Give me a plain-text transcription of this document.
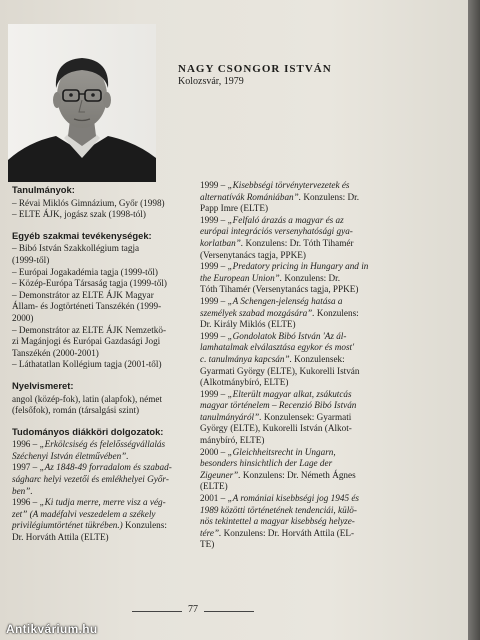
NAGY CSONGOR ISTVÁN
Kolozsvár, 1979
Tanulmányok:
– Révai Miklós Gimnázium, Győr (1998)
– ELTE ÁJK, jogász szak (1998-tól)
Egyéb szakmai tevékenységek:
– Bibó István Szakkollégium tagja
(1999-től)
– Európai Jogakadémia tagja (1999-től)
– Közép-Európa Társaság tagja (1999-től)
– Demonstrátor az ELTE ÁJK Magyar
Állam- és Jogtörténeti Tanszékén (1999-
2000)
– Demonstrátor az ELTE ÁJK Nemzetkö-
zi Magánjogi és Európai Gazdasági Jogi
Tanszékén (2000-2001)
– Láthatatlan Kollégium tagja (2001-től)
Nyelvismeret:
angol (közép-fok), latin (alapfok), német
(felsőfok), román (társalgási szint)
Tudományos diákköri dolgozatok:
1996 – „Erkölcsiség és felelősségvállalás
Széchenyi István életművében”.
1997 – „Az 1848-49 forradalom és szabad-
ságharc helyi vezetői és emlékhelyei Győr-
ben”.
1996 – „Ki tudja merre, merre visz a vég-
zet” (A madéfalvi veszedelem a székely
privilégiumtörténet tükrében.) Konzulens:
Dr. Horváth Attila (ELTE)
1999 – „Kisebbségi törvénytervezetek és
alternatívák Romániában”. Konzulens: Dr.
Papp Imre (ELTE)
1999 – „Felfaló árazás a magyar és az
európai integrációs versenyhatósági gya-
korlatban”. Konzulens: Dr. Tóth Tihamér
(Versenytanács tagja, PPKE)
1999 – „Predatory pricing in Hungary and in
the European Union”. Konzulens: Dr.
Tóth Tihamér (Versenytanács tagja, PPKE)
1999 – „A Schengen-jelenség hatása a
személyek szabad mozgására”. Konzulens:
Dr. Király Miklós (ELTE)
1999 – „Gondolatok Bibó István 'Az ál-
lamhatalmak elválasztása egykor és most'
c. tanulmánya kapcsán”. Konzulensek:
Gyarmati György (ELTE), Kukorelli István
(Alkotmánybíró, ELTE)
1999 – „Elterült magyar alkat, zsákutcás
magyar történelem – Recenzió Bibó István
tanulmányáról”. Konzulensek: Gyarmati
György (ELTE), Kukorelli István (Alkot-
mánybíró, ELTE)
2000 – „Gleichheitsrecht in Ungarn,
besonders hinsichtlich der Lage der
Zigeuner”. Konzulens: Dr. Németh Ágnes
(ELTE)
2001 – „A romániai kisebbségi jog 1945 és
1989 közötti történetének tendenciái, külö-
nös tekintettel a magyar kisebbség helyze-
tére”. Konzulens: Dr. Horváth Attila (EL-
TE)
77
Antikvárium.hu
